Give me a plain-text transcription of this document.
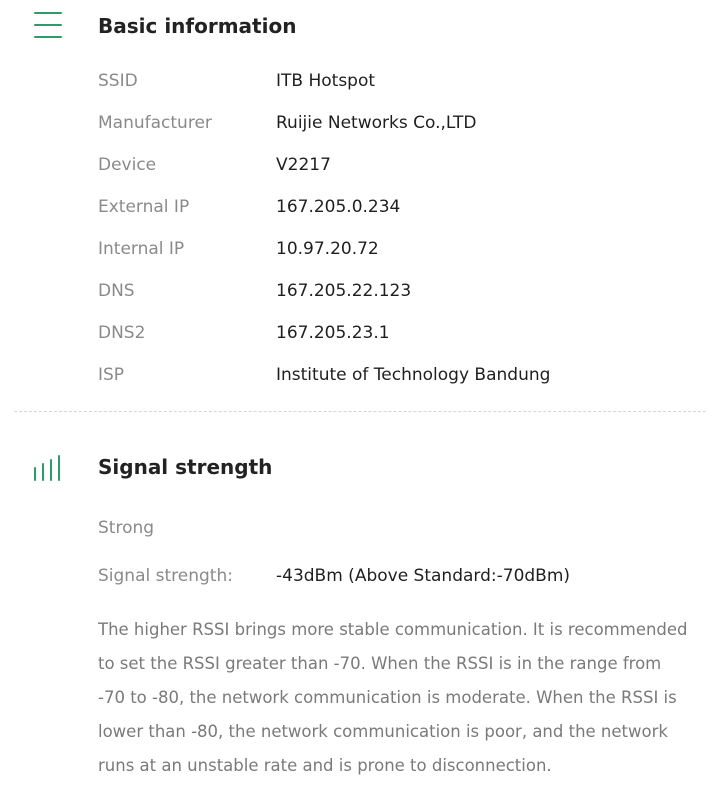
Basic information
SSID	ITB Hotspot
Manufacturer	Ruijie Networks Co.,LTD
Device	V2217
External IP	167.205.0.234
Internal IP	10.97.20.72
DNS	167.205.22.123
DNS2	167.205.23.1
ISP	Institute of Technology Bandung
Signal strength
Strong
Signal strength:	-43dBm (Above Standard:-70dBm)
The higher RSSI brings more stable communication. It is recommended to set the RSSI greater than -70. When the RSSI is in the range from -70 to -80, the network communication is moderate. When the RSSI is lower than -80, the network communication is poor, and the network runs at an unstable rate and is prone to disconnection.
